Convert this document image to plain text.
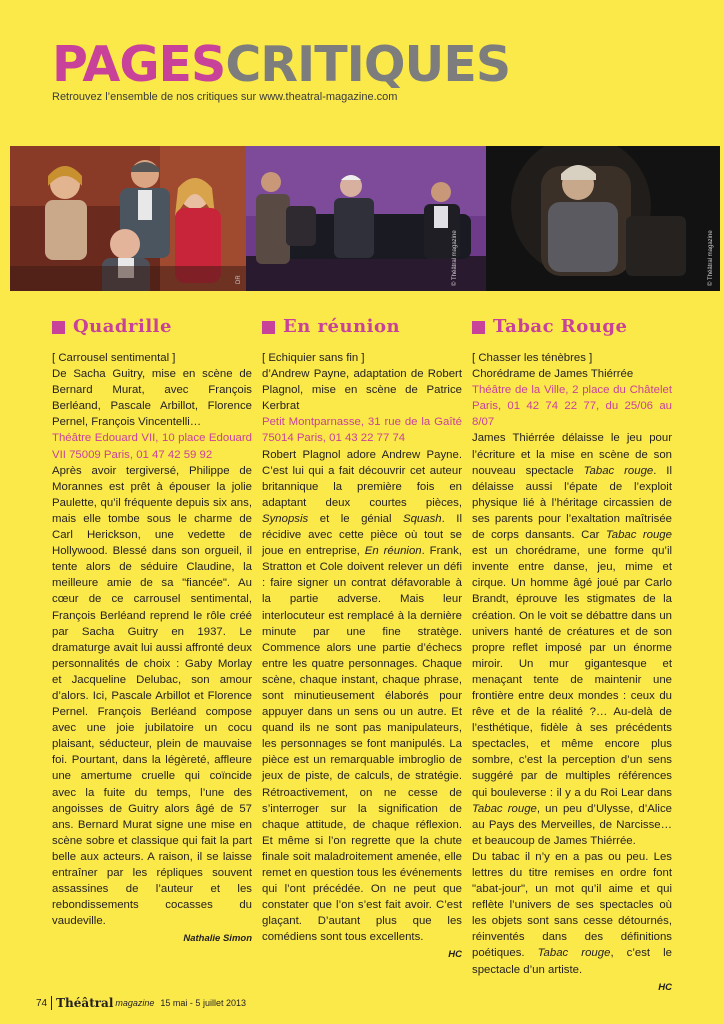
PAGESCRITIQUES
Retrouvez l’ensemble de nos critiques sur www.theatral-magazine.com
DR	© Théâtral magazine	© Théâtral magazine
Quadrille
[ Carrousel sentimental ]
De Sacha Guitry, mise en scène de Bernard Murat, avec François Berléand, Pascale Arbillot, Florence Pernel, François Vincentelli…
Théâtre Edouard VII, 10 place Edouard VII 75009 Paris, 01 47 42 59 92
Après avoir tergiversé, Philippe de Morannes est prêt à épouser la jolie Paulette, qu’il fréquente depuis six ans, mais elle tombe sous le charme de Carl Herickson, une vedette de Hollywood. Blessé dans son orgueil, il tente alors de séduire Claudine, la meilleure amie de sa "fiancée". Au cœur de ce carrousel sentimental, François Berléand reprend le rôle créé par Sacha Guitry en 1937. Le dramaturge avait lui aussi affronté deux personnalités de choix : Gaby Morlay et Jacqueline Delubac, son amour d’alors. Ici, Pascale Arbillot et Florence Pernel. François Berléand compose avec une joie jubilatoire un cocu plaisant, séducteur, plein de mauvaise foi. Pourtant, dans la légèreté, affleure une amertume cruelle qui coïncide avec la fuite du temps, l’une des angoisses de Guitry alors âgé de 57 ans. Bernard Murat signe une mise en scène sobre et classique qui fait la part belle aux acteurs. A raison, il se laisse entraîner par les répliques souvent assassines de l’auteur et les rebondissements cocasses du vaudeville.
Nathalie Simon
En réunion
[ Echiquier sans fin ]
d’Andrew Payne, adaptation de Robert Plagnol, mise en scène de Patrice Kerbrat
Petit Montparnasse, 31 rue de la Gaîté 75014 Paris, 01 43 22 77 74
Robert Plagnol adore Andrew Payne. C’est lui qui a fait découvrir cet auteur britannique la première fois en adaptant deux courtes pièces, Synopsis et le génial Squash. Il récidive avec cette pièce où tout se joue en entreprise, En réunion. Frank, Stratton et Cole doivent relever un défi : faire signer un contrat défavorable à la partie adverse. Mais leur interlocuteur est remplacé à la dernière minute par une fine stratège. Commence alors une partie d’échecs entre les quatre personnages. Chaque scène, chaque instant, chaque phrase, sont minutieusement élaborés pour appuyer dans un sens ou un autre. Et quand ils ne sont pas manipulateurs, les personnages se font manipulés. La pièce est un remarquable imbroglio de jeux de piste, de calculs, de stratégie. Rétroactivement, on ne cesse de s’interroger sur la signification de chaque attitude, de chaque réflexion. Et même si l’on regrette que la chute finale soit maladroitement amenée, elle remet en question tous les événements qui l’ont précédée. On ne peut que constater que l’on s’est fait avoir. C’est glaçant. D’autant plus que les comédiens sont tous excellents.
HC
Tabac Rouge
[ Chasser les ténèbres ]
Chorédrame de James Thiérrée
Théâtre de la Ville, 2 place du Châtelet Paris, 01 42 74 22 77, du 25/06 au 8/07
James Thiérrée délaisse le jeu pour l’écriture et la mise en scène de son nouveau spectacle Tabac rouge. Il délaisse aussi l’épate de l’exploit physique lié à l’héritage circassien de ses parents pour l’exaltation maîtrisée de corps dansants. Car Tabac rouge est un chorédrame, une forme qu’il invente entre danse, jeu, mime et cirque. Un homme âgé joué par Carlo Brandt, éprouve les stigmates de la création. On le voit se débattre dans un univers hanté de créatures et de son propre reflet imposé par un énorme miroir. Un mur gigantesque et menaçant tente de maintenir une frontière entre deux mondes : ceux du rêve et de la réalité ?… Au-delà de l’esthétique, fidèle à ses précédents spectacles, et même encore plus sombre, c’est la perception d’un sens suggéré par de multiples références qui bouleverse : il y a du Roi Lear dans Tabac rouge, un peu d’Ulysse, d’Alice au Pays des Merveilles, de Narcisse… et beaucoup de James Thiérrée.
Du tabac il n’y en a pas ou peu. Les lettres du titre remises en ordre font "abat-jour", un mot qu’il aime et qui reflète l’univers de ses spectacles où les objets sont sans cesse détournés, réinventés dans des définitions poétiques. Tabac rouge, c’est le spectacle d’un artiste.
HC
74 Théâtral magazine 15 mai - 5 juillet 2013
